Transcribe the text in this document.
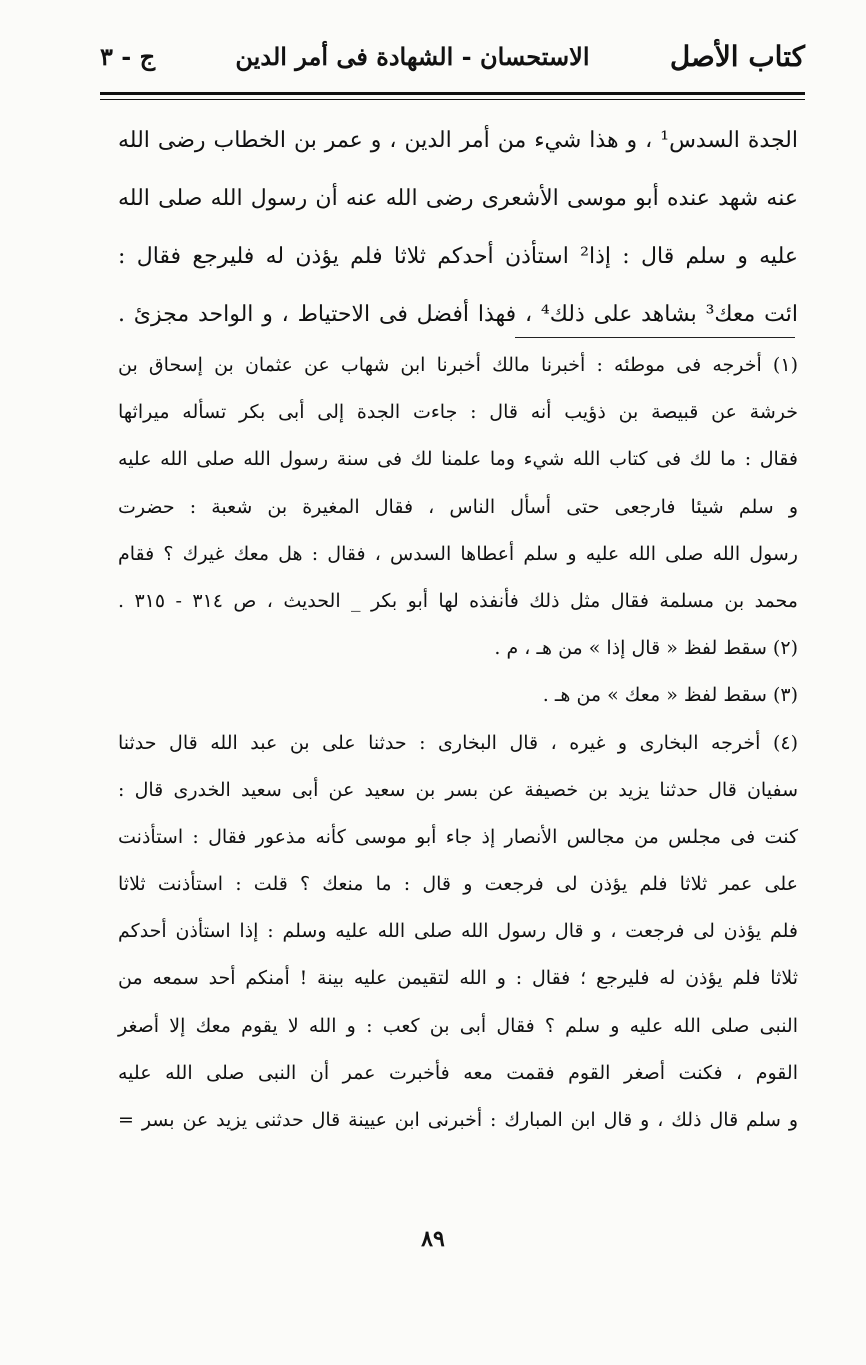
كتاب الأصل
الاستحسان - الشهادة فى أمر الدين
ج - ٣
الجدة السدس¹ ، و هذا شيء من أمر الدين ، و عمر بن الخطاب رضى الله
عنه شهد عنده أبو موسى الأشعرى رضى الله عنه أن رسول الله صلى الله
عليه و سلم قال : إذا² استأذن أحدكم ثلاثا فلم يؤذن له فليرجع فقال :
ائت معك³ بشاهد على ذلك⁴ ، فهذا أفضل فى الاحتياط ، و الواحد مجزئ .
(١) أخرجه فى موطئه : أخبرنا مالك أخبرنا ابن شهاب عن عثمان بن إسحاق بن
خرشة عن قبيصة بن ذؤيب أنه قال : جاءت الجدة إلى أبى بكر تسأله ميراثها
فقال : ما لك فى كتاب الله شيء وما علمنا لك فى سنة رسول الله صلى الله عليه
و سلم شيئا فارجعى حتى أسأل الناس ، فقال المغيرة بن شعبة : حضرت
رسول الله صلى الله عليه و سلم أعطاها السدس ، فقال : هل معك غيرك ؟ فقام
محمد بن مسلمة فقال مثل ذلك فأنفذه لها أبو بكر _ الحديث ، ص ٣١٤ - ٣١٥ .
(٢) سقط لفظ « قال إذا » من هـ ، م .
(٣) سقط لفظ « معك » من هـ .
(٤) أخرجه البخارى و غيره ، قال البخارى : حدثنا على بن عبد الله قال حدثنا
سفيان قال حدثنا يزيد بن خصيفة عن بسر بن سعيد عن أبى سعيد الخدرى قال :
كنت فى مجلس من مجالس الأنصار إذ جاء أبو موسى كأنه مذعور فقال : استأذنت
على عمر ثلاثا فلم يؤذن لى فرجعت و قال : ما منعك ؟ قلت : استأذنت ثلاثا
فلم يؤذن لى فرجعت ، و قال رسول الله صلى الله عليه وسلم : إذا استأذن أحدكم
ثلاثا فلم يؤذن له فليرجع ؛ فقال : و الله لتقيمن عليه بينة ! أمنكم أحد سمعه من
النبى صلى الله عليه و سلم ؟ فقال أبى بن كعب : و الله لا يقوم معك إلا أصغر
القوم ، فكنت أصغر القوم فقمت معه فأخبرت عمر أن النبى صلى الله عليه
و سلم قال ذلك ، و قال ابن المبارك : أخبرنى ابن عيينة قال حدثنى يزيد عن بسر =
٨٩
